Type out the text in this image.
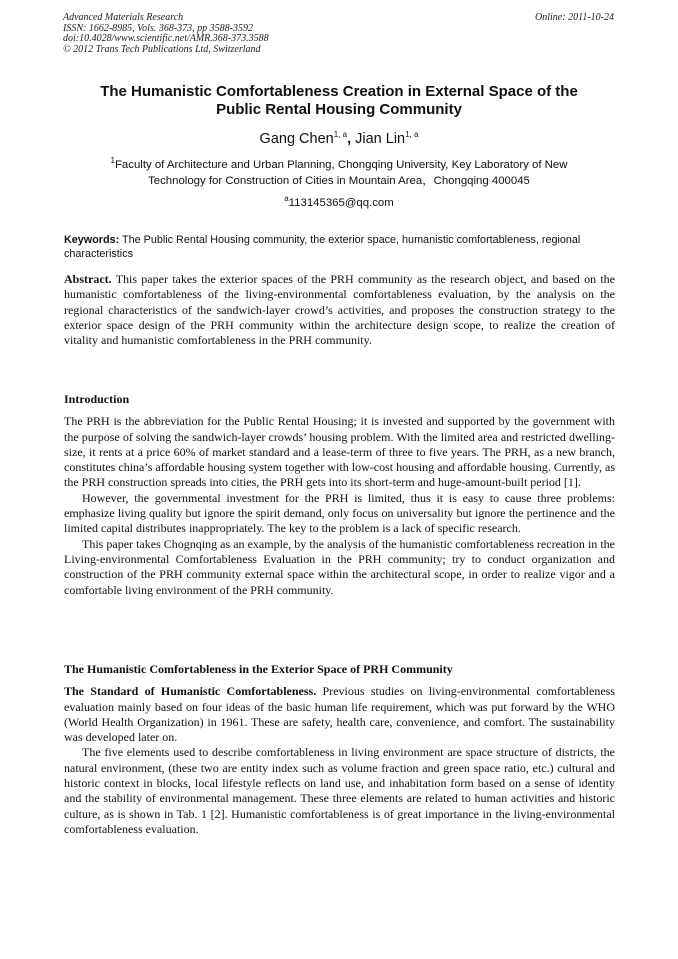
Advanced Materials Research
ISSN: 1662-8985, Vols. 368-373, pp 3588-3592
doi:10.4028/www.scientific.net/AMR.368-373.3588
© 2012 Trans Tech Publications Ltd, Switzerland
Online: 2011-10-24
The Humanistic Comfortableness Creation in External Space of the
Public Rental Housing Community
Gang Chen$^{1, a}$, Jian Lin$^{1, a}$
$^1$Faculty of Architecture and Urban Planning, Chongqing University, Key Laboratory of New
Technology for Construction of Cities in Mountain Area，Chongqing 400045
$^a$113145365@qq.com
Keywords: The Public Rental Housing community, the exterior space, humanistic comfortableness, regional characteristics

Abstract. This paper takes the exterior spaces of the PRH community as the research object, and based on the humanistic comfortableness of the living-environmental comfortableness evaluation, by the analysis on the regional characteristics of the sandwich-layer crowd’s activities, and proposes the construction strategy to the exterior space design of the PRH community within the architecture design scope, to realize the creation of vitality and humanistic comfortableness in the PRH community.

Introduction

The PRH is the abbreviation for the Public Rental Housing; it is invested and supported by the government with the purpose of solving the sandwich-layer crowds’ housing problem. With the limited area and restricted dwelling-size, it rents at a price 60% of market standard and a lease-term of three to five years. The PRH, as a new branch, constitutes china’s affordable housing system together with low-cost housing and affordable housing. Currently, as the PRH construction spreads into cities, the PRH gets into its short-term and huge-amount-built period [1].

However, the governmental investment for the PRH is limited, thus it is easy to cause three problems: emphasize living quality but ignore the spirit demand, only focus on universality but ignore the pertinence and the limited capital distributes inappropriately. The key to the problem is a lack of specific research.

This paper takes Chognqing as an example, by the analysis of the humanistic comfortableness recreation in the Living-environmental Comfortableness Evaluation in the PRH community; try to conduct organization and construction of the PRH community external space within the architectural scope, in order to realize vigor and a comfortable living environment of the PRH community.

The Humanistic Comfortableness in the Exterior Space of PRH Community

The Standard of Humanistic Comfortableness. Previous studies on living-environmental comfortableness evaluation mainly based on four ideas of the basic human life requirement, which was put forward by the WHO (World Health Organization) in 1961. These are safety, health care, convenience, and comfort. The sustainability was developed later on.

The five elements used to describe comfortableness in living environment are space structure of districts, the natural environment, (these two are entity index such as volume fraction and green space ratio, etc.) cultural and historic context in blocks, local lifestyle reflects on land use, and inhabitation form based on a sense of identity and the stability of environmental management. These three elements are related to human activities and historic culture, as is shown in Tab. 1 [2]. Humanistic comfortableness is of great importance in the living-environmental comfortableness evaluation.
